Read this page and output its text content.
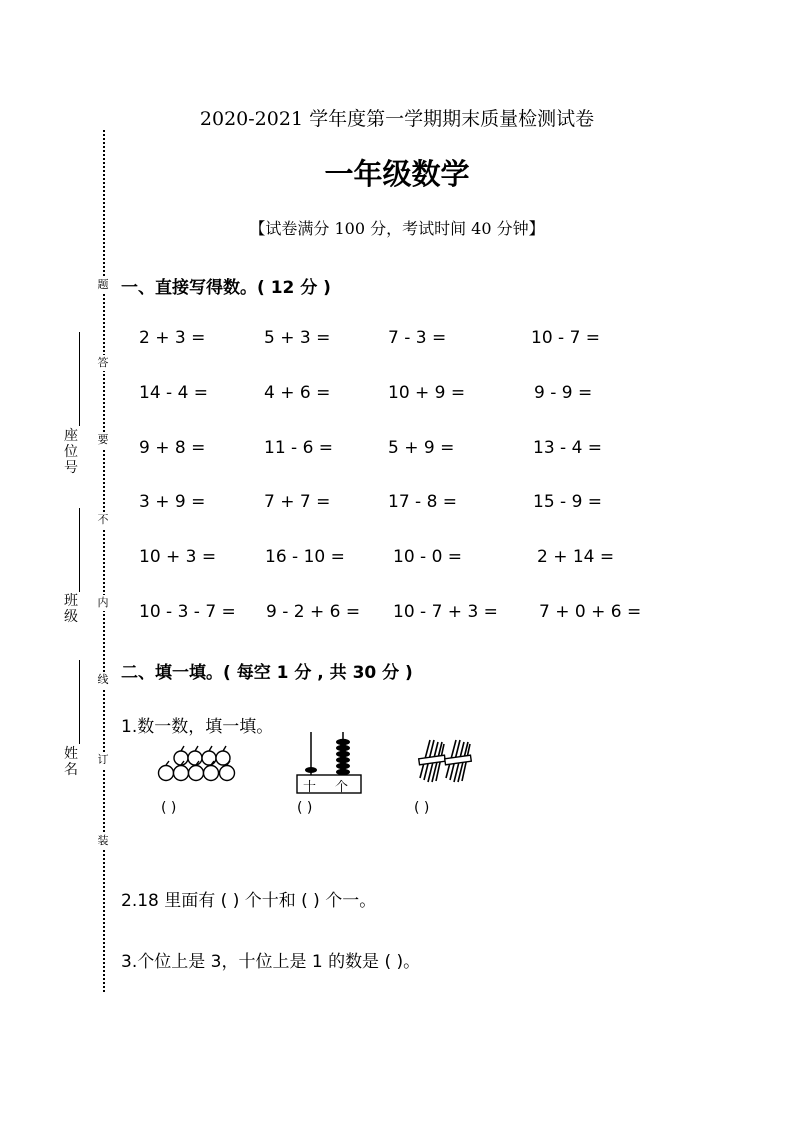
题
答
要
不
内
线
订
装
座位号
班级
姓名
2020-2021 学年度第一学期期末质量检测试卷
一年级数学
【试卷满分 100 分，考试时间 40 分钟】
一、直接写得数。( 12 分 )
2 + 3 =	5 + 3 =	7 - 3 =	10 - 7 =
14 - 4 =	4 + 6 =	10 + 9 =	9 - 9 =
9 + 8 =	11 - 6 =	5 + 9 =	13 - 4 =
3 + 9 =	7 + 7 =	17 - 8 =	15 - 9 =
10 + 3 =	16 - 10 =	10 - 0 =	2 + 14 =
10 - 3 - 7 = 9 - 2 + 6 = 10 - 7 + 3 = 7 + 0 + 6 =
二、填一填。( 每空 1 分 , 共 30 分 )
1.数一数，填一填。
十 个
( )	( )	( )
2.18 里面有 ( ) 个十和 ( ) 个一。
3.个位上是 3，十位上是 1 的数是 ( )。
